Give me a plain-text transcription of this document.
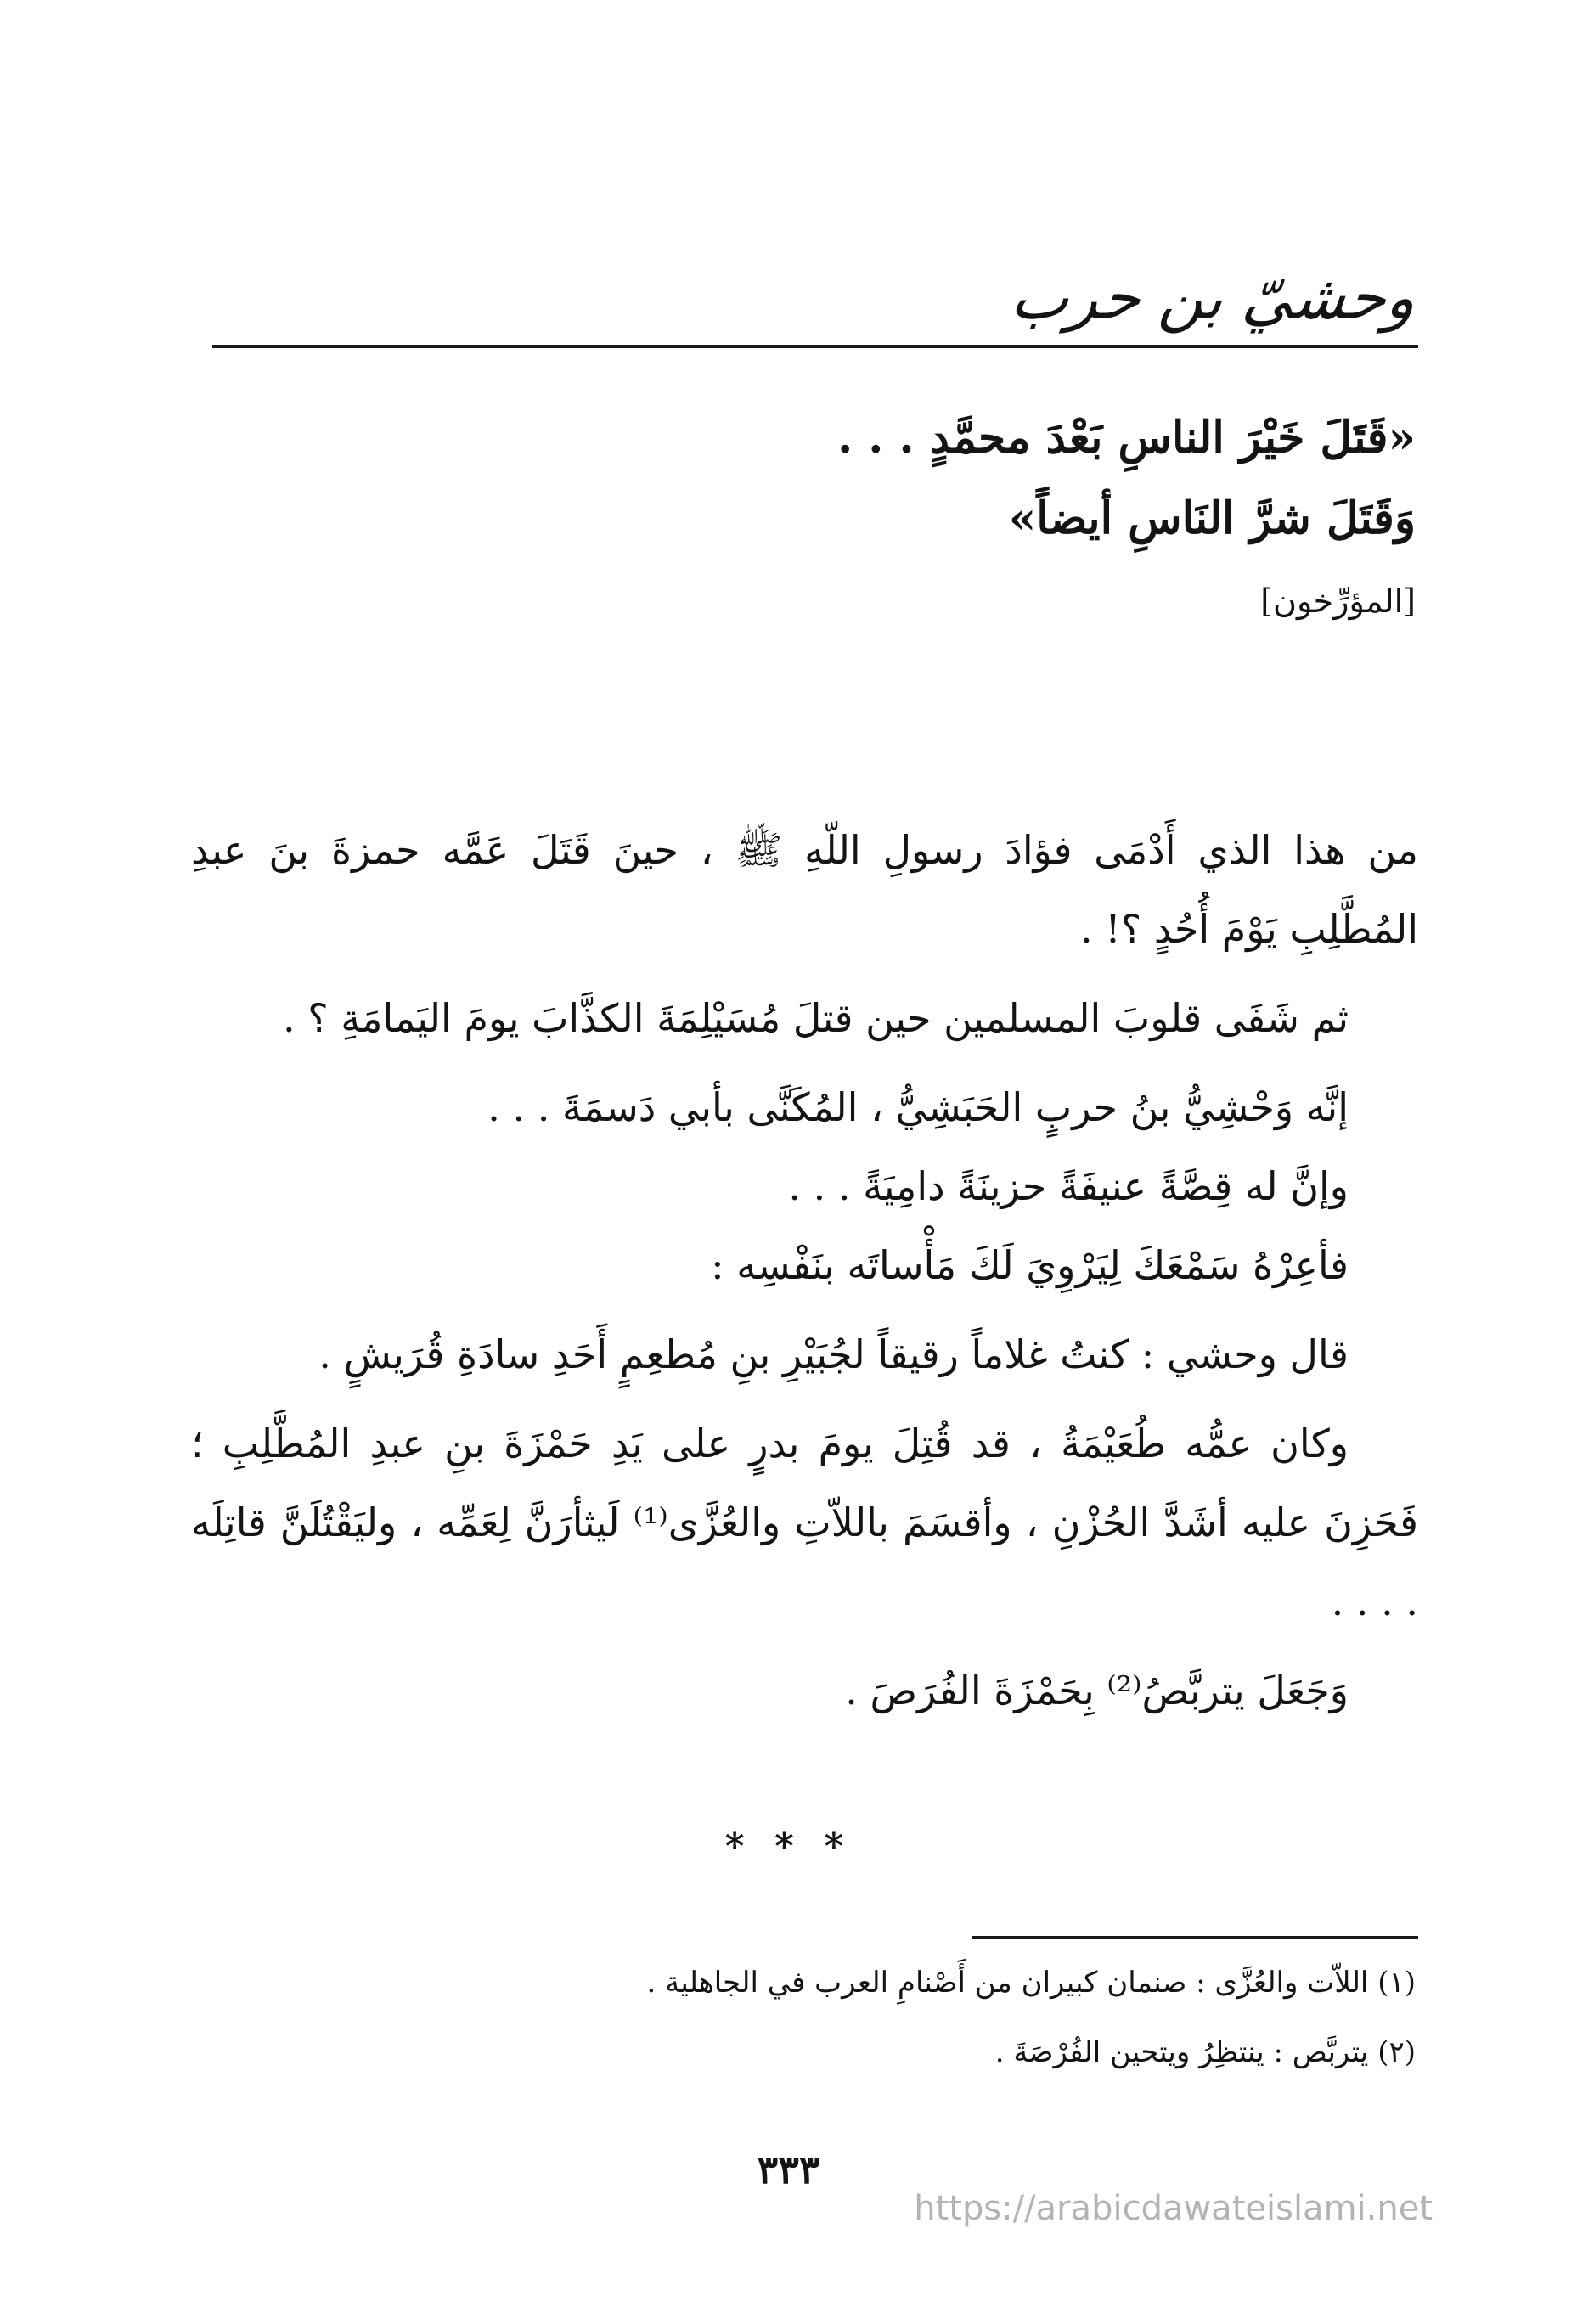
وحشيّ بن حرب
«قَتَلَ خَيْرَ الناسِ بَعْدَ محمَّدٍ . . .
وَقَتَلَ شرَّ النَاسِ أيضاً»
[المؤرِّخون]

من هذا الذي أَدْمَى فؤادَ رسولِ اللّهِ ﷺ ، حينَ قَتَلَ عَمَّه حمزةَ بنَ عبدِ المُطَّلِبِ يَوْمَ أُحُدٍ ؟! .

ثم شَفَى قلوبَ المسلمين حين قتلَ مُسَيْلِمَةَ الكذَّابَ يومَ اليَمامَةِ ؟ .

إنَّه وَحْشِيُّ بنُ حربٍ الحَبَشِيُّ ، المُكَنَّى بأبي دَسمَةَ . . .

وإنَّ له قِصَّةً عنيفَةً حزينَةً دامِيَةً . . .

فأعِرْهُ سَمْعَكَ لِيَرْوِيَ لَكَ مَأْساتَه بنَفْسِه :

قال وحشي : كنتُ غلاماً رقيقاً لجُبَيْرِ بنِ مُطعِمٍ أَحَدِ سادَةِ قُرَيشٍ .

وكان عمُّه طُعَيْمَةُ ، قد قُتِلَ يومَ بدرٍ على يَدِ حَمْزَةَ بنِ عبدِ المُطَّلِبِ ؛ فَحَزِنَ عليه أشَدَّ الحُزْنِ ، وأقسَمَ باللاّتِ والعُزَّى⁽¹⁾ لَيثأرَنَّ لِعَمِّه ، وليَقْتُلَنَّ قاتِلَه . . . .

وَجَعَلَ يتربَّصُ⁽²⁾ بِحَمْزَةَ الفُرَصَ .

* * *
(١) اللاّت والعُزَّى : صنمان كبيران من أَصْنامِ العرب في الجاهلية .
(٢) يتربَّص : ينتظِرُ ويتحين الفُرْصَةَ .
٣٣٣
https://arabicdawateislami.net
